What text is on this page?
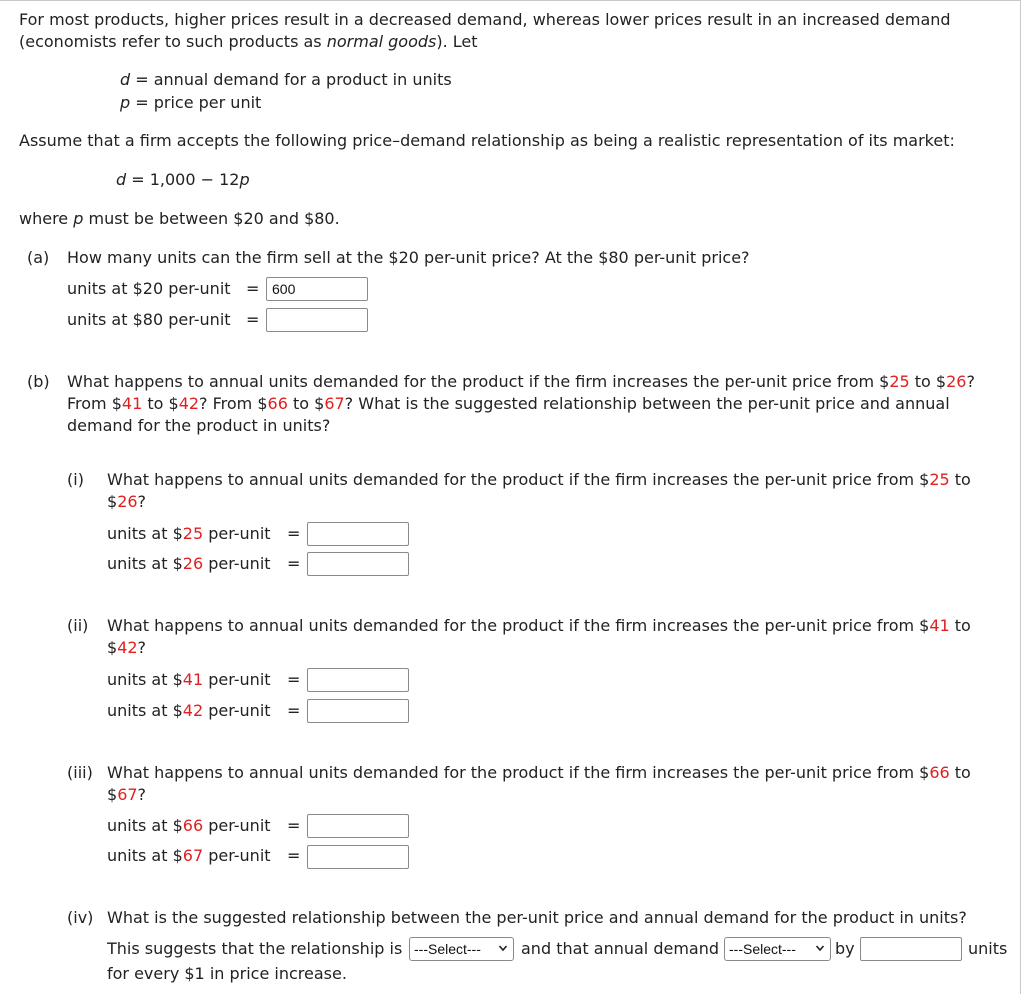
For most products, higher prices result in a decreased demand, whereas lower prices result in an increased demand
(economists refer to such products as normal goods). Let
d = annual demand for a product in units
p = price per unit
Assume that a firm accepts the following price–demand relationship as being a realistic representation of its market:
d = 1,000 − 12p
where p must be between $20 and $80.
(a) How many units can the firm sell at the $20 per-unit price? At the $80 per-unit price?
units at $20 per-unit = 600
units at $80 per-unit =
(b) What happens to annual units demanded for the product if the firm increases the per-unit price from $25 to $26?
From $41 to $42? From $66 to $67? What is the suggested relationship between the per-unit price and annual
demand for the product in units?
(i) What happens to annual units demanded for the product if the firm increases the per-unit price from $25 to
$26?
units at $25 per-unit =
units at $26 per-unit =
(ii) What happens to annual units demanded for the product if the firm increases the per-unit price from $41 to
$42?
units at $41 per-unit =
units at $42 per-unit =
(iii) What happens to annual units demanded for the product if the firm increases the per-unit price from $66 to
$67?
units at $66 per-unit =
units at $67 per-unit =
(iv) What is the suggested relationship between the per-unit price and annual demand for the product in units?
This suggests that the relationship is ---Select---	and that annual demand ---Select---	by	units
for every $1 in price increase.
